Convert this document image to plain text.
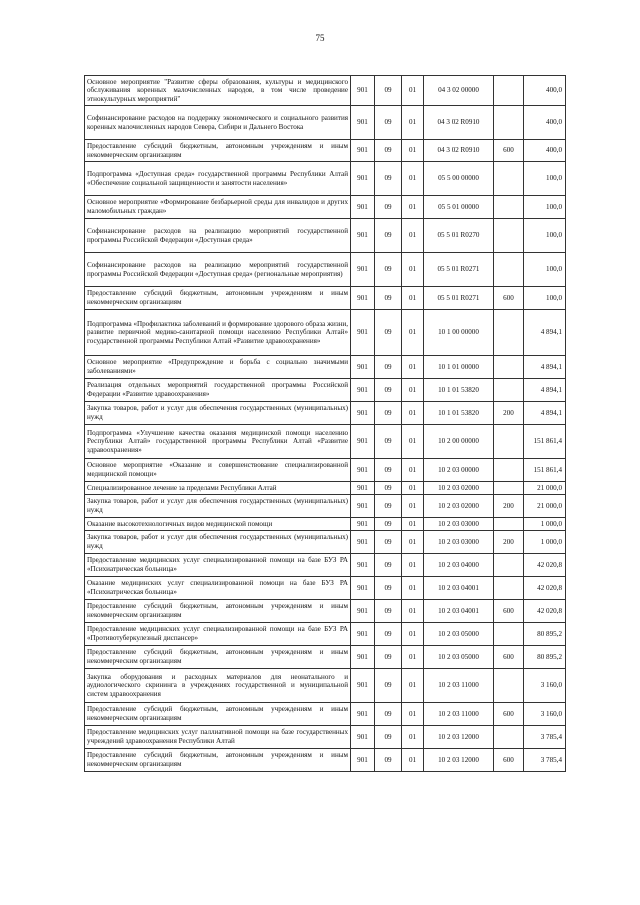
75
Основное мероприятие "Развитие сферы образования, культуры и медицинского обслуживания коренных малочисленных народов, в том числе проведение этнокультурных мероприятий"	901	09	01	04 3 02 00000		400,0
Софинансирование расходов на поддержку экономического и социального развития коренных малочисленных народов Севера, Сибири и Дальнего Востока	901	09	01	04 3 02 R0910		400,0
Предоставление субсидий бюджетным, автономным учреждениям и иным некоммерческим организациям	901	09	01	04 3 02 R0910	600	400,0
Подпрограмма «Доступная среда» государственной программы Республики Алтай «Обеспечение социальной защищенности и занятости населения»	901	09	01	05 5 00 00000		100,0
Основное мероприятие «Формирование безбарьерной среды для инвалидов и других маломобильных граждан»	901	09	01	05 5 01 00000		100,0
Софинансирование расходов на реализацию мероприятий государственной программы Российской Федерации «Доступная среда»	901	09	01	05 5 01 R0270		100,0
Софинансирование расходов на реализацию мероприятий государственной программы Российской Федерации «Доступная среда» (региональные мероприятия)	901	09	01	05 5 01 R0271		100,0
Предоставление субсидий бюджетным, автономным учреждениям и иным некоммерческим организациям	901	09	01	05 5 01 R0271	600	100,0
Подпрограмма «Профилактика заболеваний и формирование здорового образа жизни, развитие первичной медико-санитарной помощи населению Республики Алтай» государственной программы Республики Алтай «Развитие здравоохранения»	901	09	01	10 1 00 00000		4 894,1
Основное мероприятие «Предупреждение и борьба с социально значимыми заболеваниями»	901	09	01	10 1 01 00000		4 894,1
Реализация отдельных мероприятий государственной программы Российской Федерации «Развитие здравоохранения»	901	09	01	10 1 01 53820		4 894,1
Закупка товаров, работ и услуг для обеспечения государственных (муниципальных) нужд	901	09	01	10 1 01 53820	200	4 894,1
Подпрограмма «Улучшение качества оказания медицинской помощи населению Республики Алтай» государственной программы Республики Алтай «Развитие здравоохранения»	901	09	01	10 2 00 00000		151 861,4
Основное мероприятие «Оказание и совершенствование специализированной медицинской помощи»	901	09	01	10 2 03 00000		151 861,4
Специализированное лечение за пределами Республики Алтай	901	09	01	10 2 03 02000		21 000,0
Закупка товаров, работ и услуг для обеспечения государственных (муниципальных) нужд	901	09	01	10 2 03 02000	200	21 000,0
Оказание высокотехнологичных видов медицинской помощи	901	09	01	10 2 03 03000		1 000,0
Закупка товаров, работ и услуг для обеспечения государственных (муниципальных) нужд	901	09	01	10 2 03 03000	200	1 000,0
Предоставление медицинских услуг специализированной помощи на базе БУЗ РА «Психиатрическая больница»	901	09	01	10 2 03 04000		42 020,8
Оказание медицинских услуг специализированной помощи на базе БУЗ РА «Психиатрическая больница»	901	09	01	10 2 03 04001		42 020,8
Предоставление субсидий бюджетным, автономным учреждениям и иным некоммерческим организациям	901	09	01	10 2 03 04001	600	42 020,8
Предоставление медицинских услуг специализированной помощи на базе БУЗ РА «Противотуберкулезный диспансер»	901	09	01	10 2 03 05000		80 895,2
Предоставление субсидий бюджетным, автономным учреждениям и иным некоммерческим организациям	901	09	01	10 2 03 05000	600	80 895,2
Закупка оборудования и расходных материалов для неонатального и аудиологического скрининга в учреждениях государственной и муниципальной систем здравоохранения	901	09	01	10 2 03 11000		3 160,0
Предоставление субсидий бюджетным, автономным учреждениям и иным некоммерческим организациям	901	09	01	10 2 03 11000	600	3 160,0
Предоставление медицинских услуг паллиативной помощи на базе государственных учреждений здравоохранения Республики Алтай	901	09	01	10 2 03 12000		3 785,4
Предоставление субсидий бюджетным, автономным учреждениям и иным некоммерческим организациям	901	09	01	10 2 03 12000	600	3 785,4
